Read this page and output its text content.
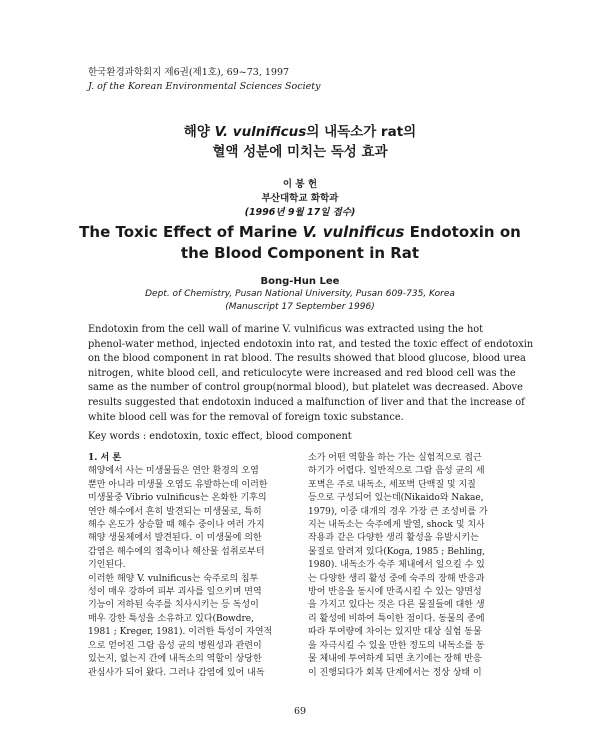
한국환경과학회지 제6권(제1호), 69~73, 1997
J. of the Korean Environmental Sciences Society
해양 V. vulnificus의 내독소가 rat의
혈액 성분에 미치는 독성 효과
이 봉 헌
부산대학교 화학과
(1996년 9월 17일 접수)
The Toxic Effect of Marine V. vulnificus Endotoxin on
the Blood Component in Rat
Bong-Hun Lee
Dept. of Chemistry, Pusan National University, Pusan 609-735, Korea
(Manuscript 17 September 1996)
Endotoxin from the cell wall of marine V. vulnificus was extracted using the hot
phenol-water method, injected endotoxin into rat, and tested the toxic effect of endotoxin
on the blood component in rat blood. The results showed that blood glucose, blood urea
nitrogen, white blood cell, and reticulocyte were increased and red blood cell was the
same as the number of control group(normal blood), but platelet was decreased. Above
results suggested that endotoxin induced a malfunction of liver and that the increase of
white blood cell was for the removal of foreign toxic substance.
Key words : endotoxin, toxic effect, blood component
1. 서 론
해양에서 사는 미생물들은 연안 환경의 오염
뿐만 아니라 미생물 오염도 유발하는데 이러한
미생물중 Vibrio vulnificus는 온화한 기후의
연안 해수에서 흔히 발견되는 미생물로, 특히
해수 온도가 상승할 때 해수 중이나 여러 가지
해양 생물체에서 발견된다. 이 미생물에 의한
감염은 해수에의 접촉이나 해산물 섭취로부터
기인된다.
이러한 해양 V. vulnificus는 숙주로의 침투
성이 매우 강하여 피부 괴사를 일으키며 면역
기능이 저하된 숙주를 치사시키는 등 독성이
매우 강한 특성을 소유하고 있다(Bowdre,
1981 ; Kreger, 1981). 이러한 특성이 자연적
으로 얻어진 그람 음성 균의 병원성과 관련이
있는지, 없는지 간에 내독소의 역할이 상당한
관심사가 되어 왔다. 그러나 감염에 있어 내독
소가 어떤 역할을 하는 가는 실험적으로 접근
하기가 어렵다. 일반적으로 그람 음성 균의 세
포벽은 주로 내독소, 세포벽 단백질 및 지질
등으로 구성되어 있는데(Nikaido와 Nakae,
1979), 이중 대개의 경우 가장 큰 조성비를 가
지는 내독소는 숙주에게 발열, shock 및 치사
작용과 같은 다양한 생리 활성을 유발시키는
물질로 알려져 있다(Koga, 1985 ; Behling,
1980). 내독소가 숙주 체내에서 일으킬 수 있
는 다양한 생리 활성 중에 숙주의 장해 반응과
방어 반응을 동시에 만족시킬 수 있는 양면성
을 가지고 있다는 것은 다른 물질들에 대한 생
리 활성에 비하여 특이한 점이다. 동물의 종에
따라 투여량에 차이는 있지만 대상 실험 동물
을 자극시킬 수 있을 만한 정도의 내독소를 동
물 체내에 투여하게 되면 초기에는 장해 반응
이 진행되다가 회복 단계에서는 정상 상태 이
69
